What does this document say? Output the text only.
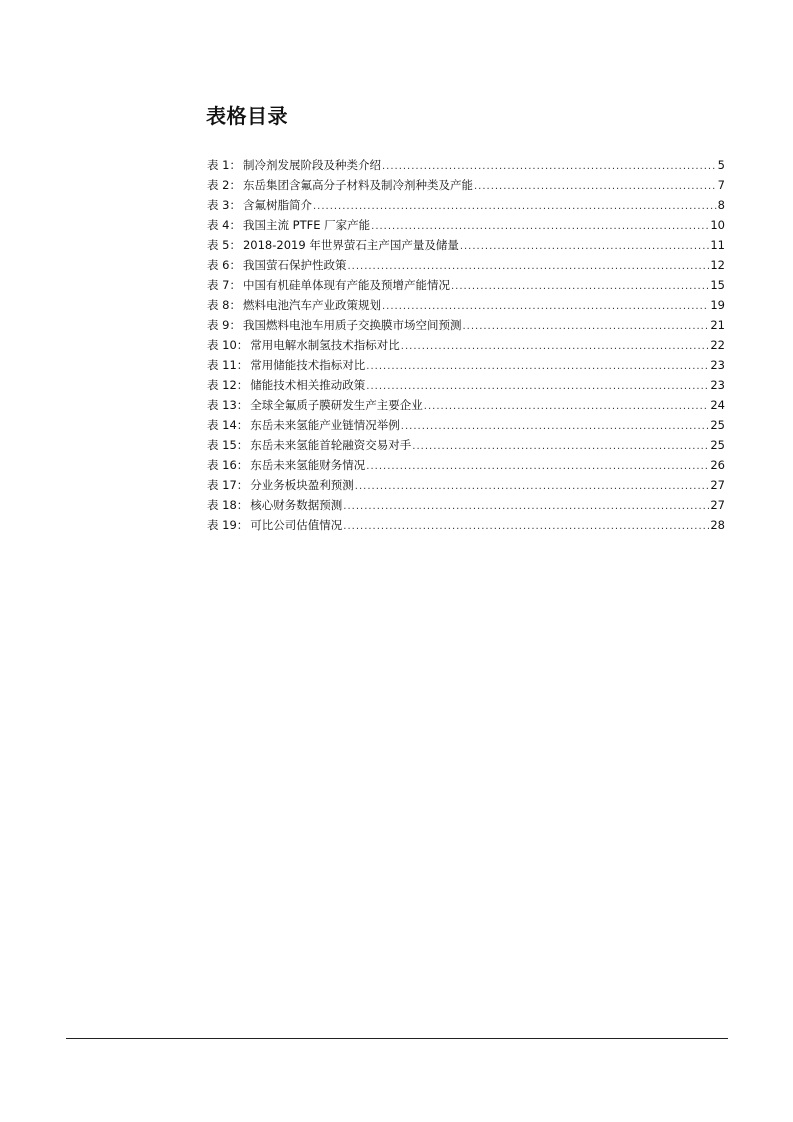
表格目录
表 1： 制冷剂发展阶段及种类介绍 .....	5
表 2： 东岳集团含氟高分子材料及制冷剂种类及产能 .....	7
表 3： 含氟树脂简介 .....	8
表 4： 我国主流 PTFE 厂家产能 .....	10
表 5： 2018-2019 年世界萤石主产国产量及储量 .....	11
表 6： 我国萤石保护性政策 .....	12
表 7： 中国有机硅单体现有产能及预增产能情况 .....	15
表 8： 燃料电池汽车产业政策规划 .....	19
表 9： 我国燃料电池车用质子交换膜市场空间预测 .....	21
表 10： 常用电解水制氢技术指标对比 .....	22
表 11： 常用储能技术指标对比 .....	23
表 12： 储能技术相关推动政策 .....	23
表 13： 全球全氟质子膜研发生产主要企业 .....	24
表 14： 东岳未来氢能产业链情况举例 .....	25
表 15： 东岳未来氢能首轮融资交易对手 .....	25
表 16： 东岳未来氢能财务情况 .....	26
表 17： 分业务板块盈利预测 .....	27
表 18： 核心财务数据预测 .....	27
表 19： 可比公司估值情况 .....	28
